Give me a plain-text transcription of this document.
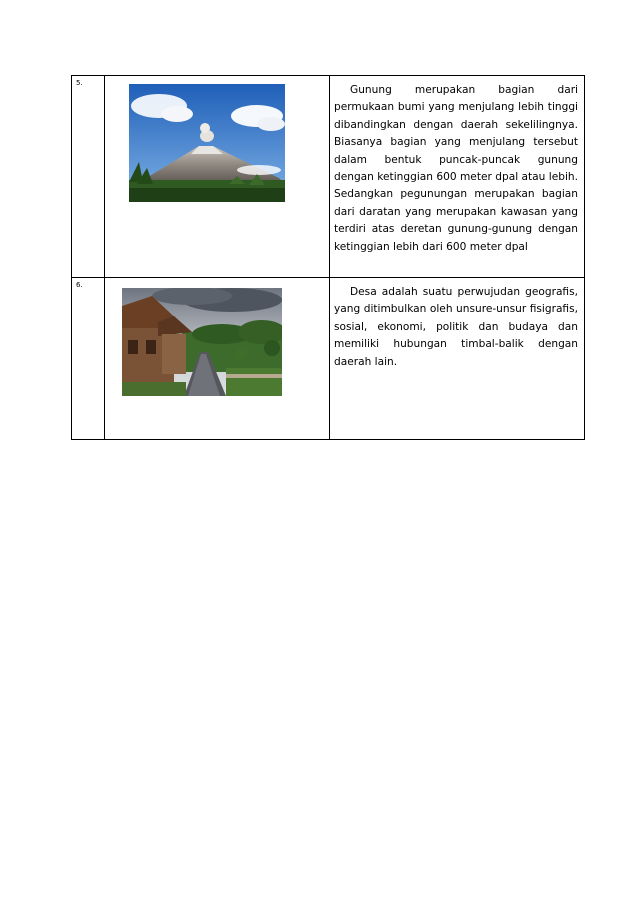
5.		Gunung merupakan bagian dari permukaan bumi yang menjulang lebih tinggi dibandingkan dengan daerah sekelilingnya. Biasanya bagian yang menjulang tersebut dalam bentuk puncak-puncak gunung dengan ketinggian 600 meter dpal atau lebih. Sedangkan pegunungan merupakan bagian dari daratan yang merupakan kawasan yang terdiri atas deretan gunung-gunung dengan ketinggian lebih dari 600 meter dpal

6.		Desa adalah suatu perwujudan geografis, yang ditimbulkan oleh unsure-unsur fisigrafis, sosial, ekonomi, politik dan budaya dan memiliki hubungan timbal-balik dengan daerah lain.
